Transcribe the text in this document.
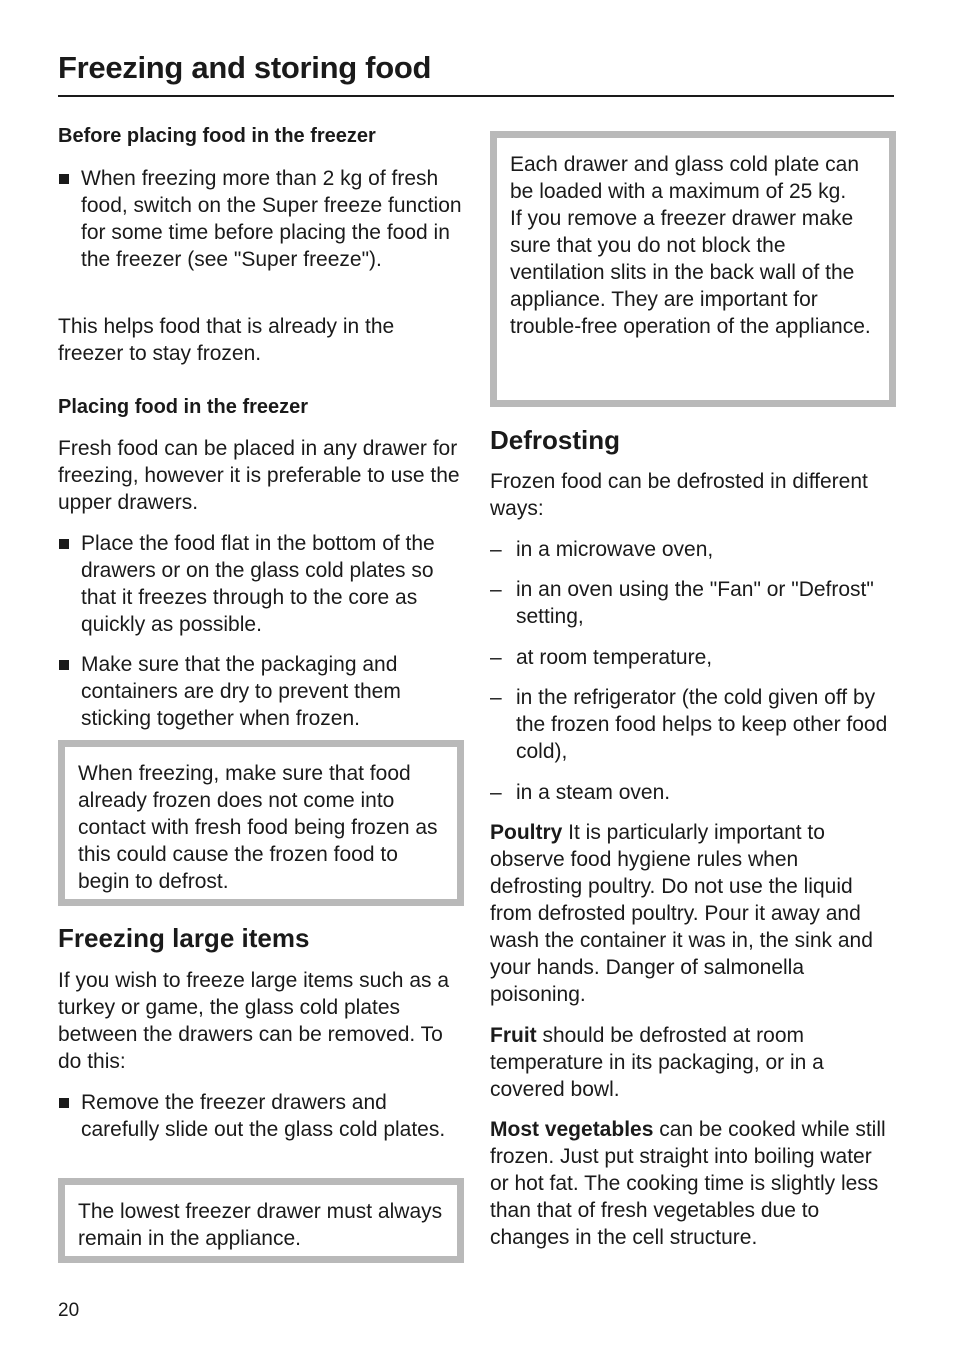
Freezing and storing food

Before placing food in the freezer

When freezing more than 2 kg of fresh food, switch on the Super freeze function for some time before placing the food in the freezer (see "Super freeze").

This helps food that is already in the freezer to stay frozen.

Placing food in the freezer

Fresh food can be placed in any drawer for freezing, however it is preferable to use the upper drawers.

Place the food flat in the bottom of the drawers or on the glass cold plates so that it freezes through to the core as quickly as possible.
Make sure that the packaging and containers are dry to prevent them sticking together when frozen.
When freezing, make sure that food already frozen does not come into contact with fresh food being frozen as this could cause the frozen food to begin to defrost.

Freezing large items

If you wish to freeze large items such as a turkey or game, the glass cold plates between the drawers can be removed. To do this:

Remove the freezer drawers and carefully slide out the glass cold plates.
The lowest freezer drawer must always remain in the appliance.

Each drawer and glass cold plate can be loaded with a maximum of 25 kg.

If you remove a freezer drawer make sure that you do not block the ventilation slits in the back wall of the appliance. They are important for trouble-free operation of the appliance.

Defrosting

Frozen food can be defrosted in different ways:

– in a microwave oven,
– in an oven using the "Fan" or "Defrost" setting,
– at room temperature,
– in the refrigerator (the cold given off by the frozen food helps to keep other food cold),
– in a steam oven.

Poultry It is particularly important to observe food hygiene rules when defrosting poultry. Do not use the liquid from defrosted poultry. Pour it away and wash the container it was in, the sink and your hands. Danger of salmonella poisoning.

Fruit should be defrosted at room temperature in its packaging, or in a covered bowl.

Most vegetables can be cooked while still frozen. Just put straight into boiling water or hot fat. The cooking time is slightly less than that of fresh vegetables due to changes in the cell structure.

20
